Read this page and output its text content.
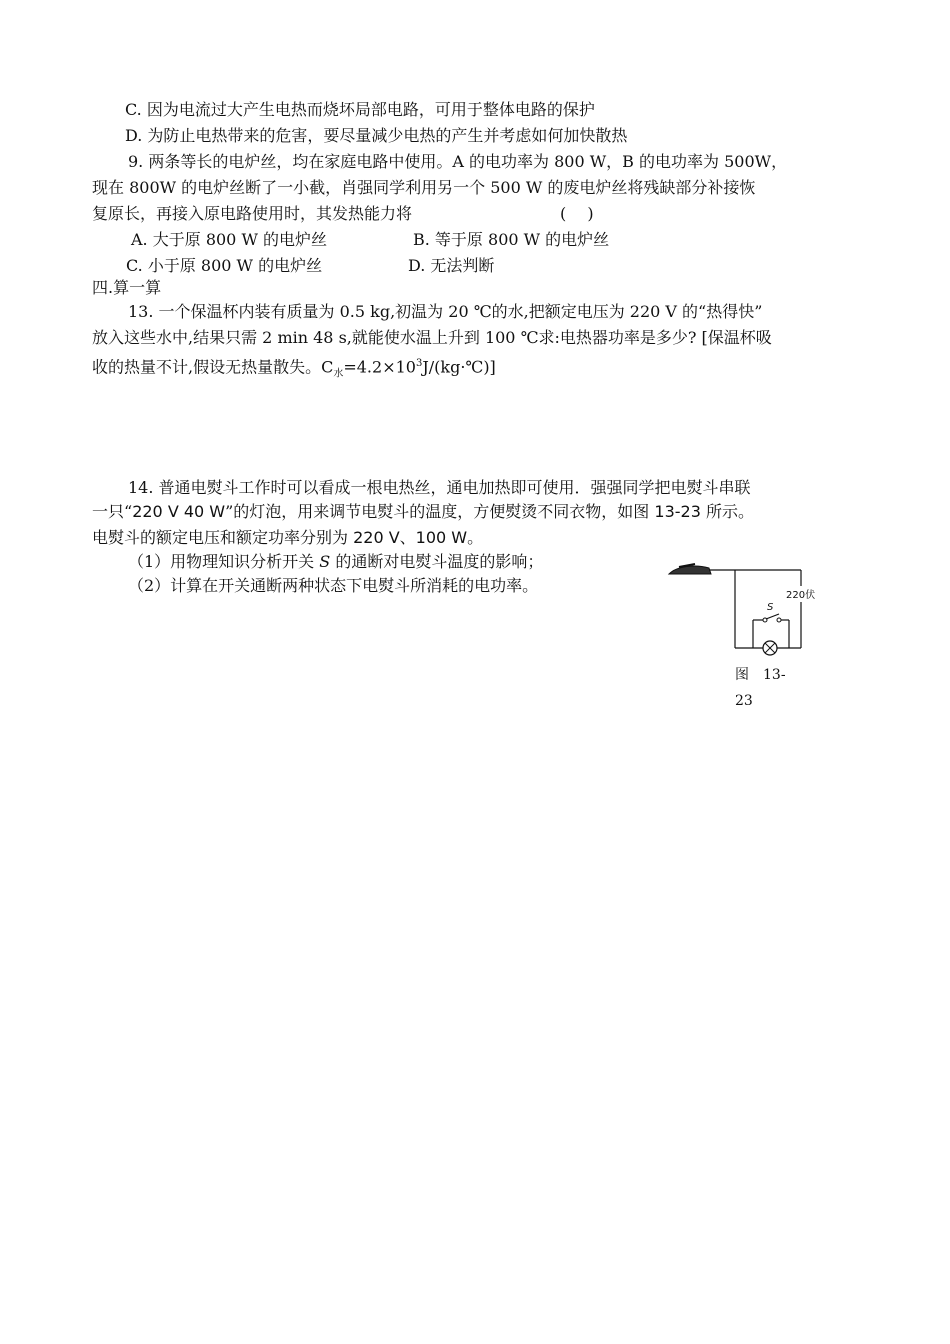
C. 因为电流过大产生电热而烧坏局部电路，可用于整体电路的保护
D. 为防止电热带来的危害，要尽量减少电热的产生并考虑如何加快散热
9. 两条等长的电炉丝，均在家庭电路中使用。A 的电功率为 800 W，B 的电功率为 500W，
现在 800W 的电炉丝断了一小截，肖强同学利用另一个 500 W 的废电炉丝将残缺部分补接恢
复原长，再接入原电路使用时，其发热能力将	(　 )
A. 大于原 800 W 的电炉丝	B. 等于原 800 W 的电炉丝
C. 小于原 800 W 的电炉丝	D. 无法判断
四.算一算
13. 一个保温杯内装有质量为 0.5 kg,初温为 20 ℃的水,把额定电压为 220 V 的“热得快”
放入这些水中,结果只需 2 min 48 s,就能使水温上升到 100 ℃求:电热器功率是多少? [保温杯吸
收的热量不计,假设无热量散失。$C_水=4.2\times 10^3J/(kg\cdot℃)$]
14. 普通电熨斗工作时可以看成一根电热丝，通电加热即可使用．强强同学把电熨斗串联
一只“220 V 40 W”的灯泡，用来调节电熨斗的温度，方便熨烫不同衣物，如图 13-23 所示。
电熨斗的额定电压和额定功率分别为 220 V、100 W。
（1）用物理知识分析开关 S 的通断对电熨斗温度的影响；
（2）计算在开关通断两种状态下电熨斗所消耗的电功率。
220伏
S
图　13-
23
